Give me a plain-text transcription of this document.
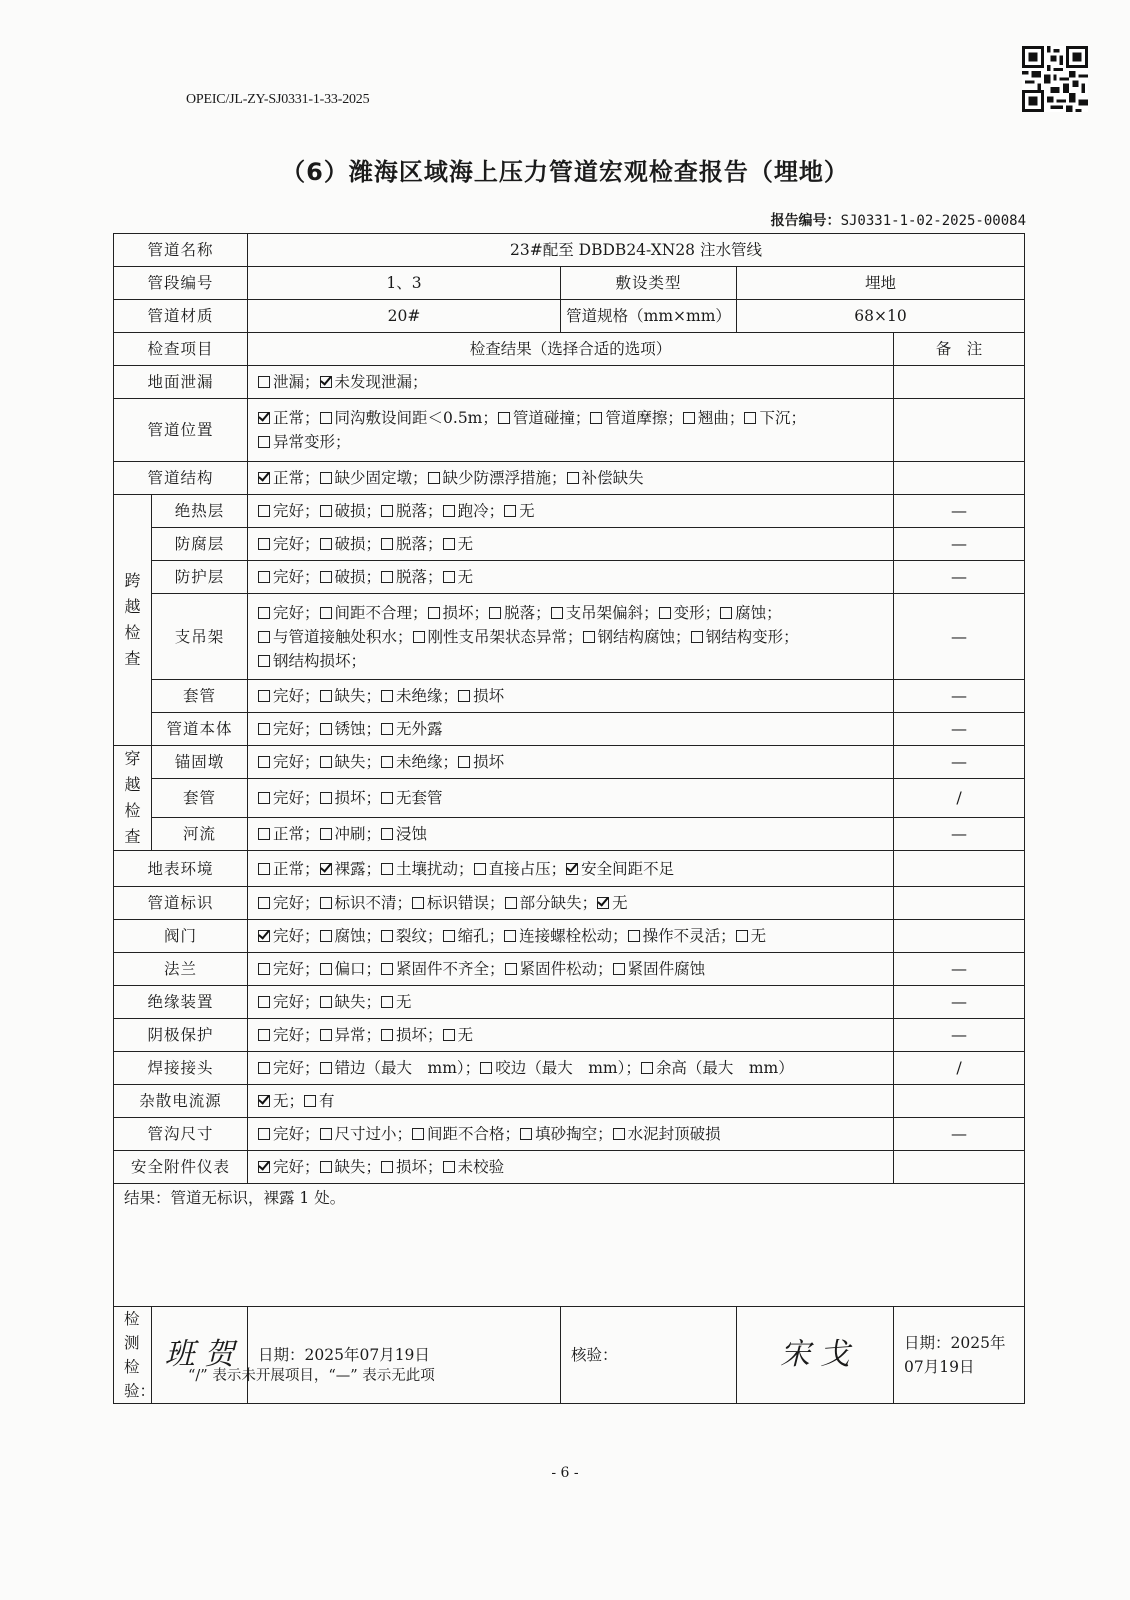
OPEIC/JL-ZY-SJ0331-1-33-2025
（6）潍海区域海上压力管道宏观检查报告（埋地）
报告编号：SJ0331-1-02-2025-00084
管道名称		23#配至 DBDB24-XN28 注水管线			
管段编号		1、3	敷设类型	埋地	
管道材质		20#	管道规格（mm×mm）	68×10	
检查项目		检查结果（选择合适的选项）			备　注
地面泄漏		泄漏； 未发现泄漏；			
管道位置		正常； 同沟敷设间距＜0.5m； 管道碰撞； 管道摩擦； 翘曲； 下沉；异常变形；			
管道结构		正常； 缺少固定墩； 缺少防漂浮措施； 补偿缺失			
跨
越
检
查	绝热层	完好； 破损； 脱落； 跑冷； 无			—
	防腐层	完好； 破损； 脱落； 无			—
	防护层	完好； 破损； 脱落； 无			—
	支吊架	完好； 间距不合理； 损坏； 脱落； 支吊架偏斜； 变形； 腐蚀；与管道接触处积水； 刚性支吊架状态异常； 钢结构腐蚀； 钢结构变形；钢结构损坏；			—
	套管	完好； 缺失； 未绝缘； 损坏			—
	管道本体	完好； 锈蚀； 无外露			—
穿
越
检
查	锚固墩	完好； 缺失； 未绝缘； 损坏			—
	套管	完好； 损坏； 无套管			/
	河流	正常； 冲刷； 浸蚀			—
地表环境		正常； 裸露； 土壤扰动； 直接占压； 安全间距不足			
管道标识		完好； 标识不清； 标识错误； 部分缺失； 无			
阀门		完好； 腐蚀； 裂纹； 缩孔； 连接螺栓松动； 操作不灵活； 无			
法兰		完好； 偏口； 紧固件不齐全； 紧固件松动； 紧固件腐蚀			—
绝缘装置		完好； 缺失； 无			—
阴极保护		完好； 异常； 损坏； 无			—
焊接接头		完好； 错边（最大　mm）； 咬边（最大　mm）； 余高（最大　mm）			/
杂散电流源		无； 有			
管沟尺寸		完好； 尺寸过小； 间距不合格； 填砂掏空； 水泥封顶破损			—
安全附件仪表		完好； 缺失； 损坏； 未校验			
结果：管道无标识，裸露 1 处。					
检测检验：	班 贺	日期：2025年07月19日	核验：	宋 戈	日期：2025年07月19日
“/” 表示未开展项目，“—” 表示无此项
- 6 -
